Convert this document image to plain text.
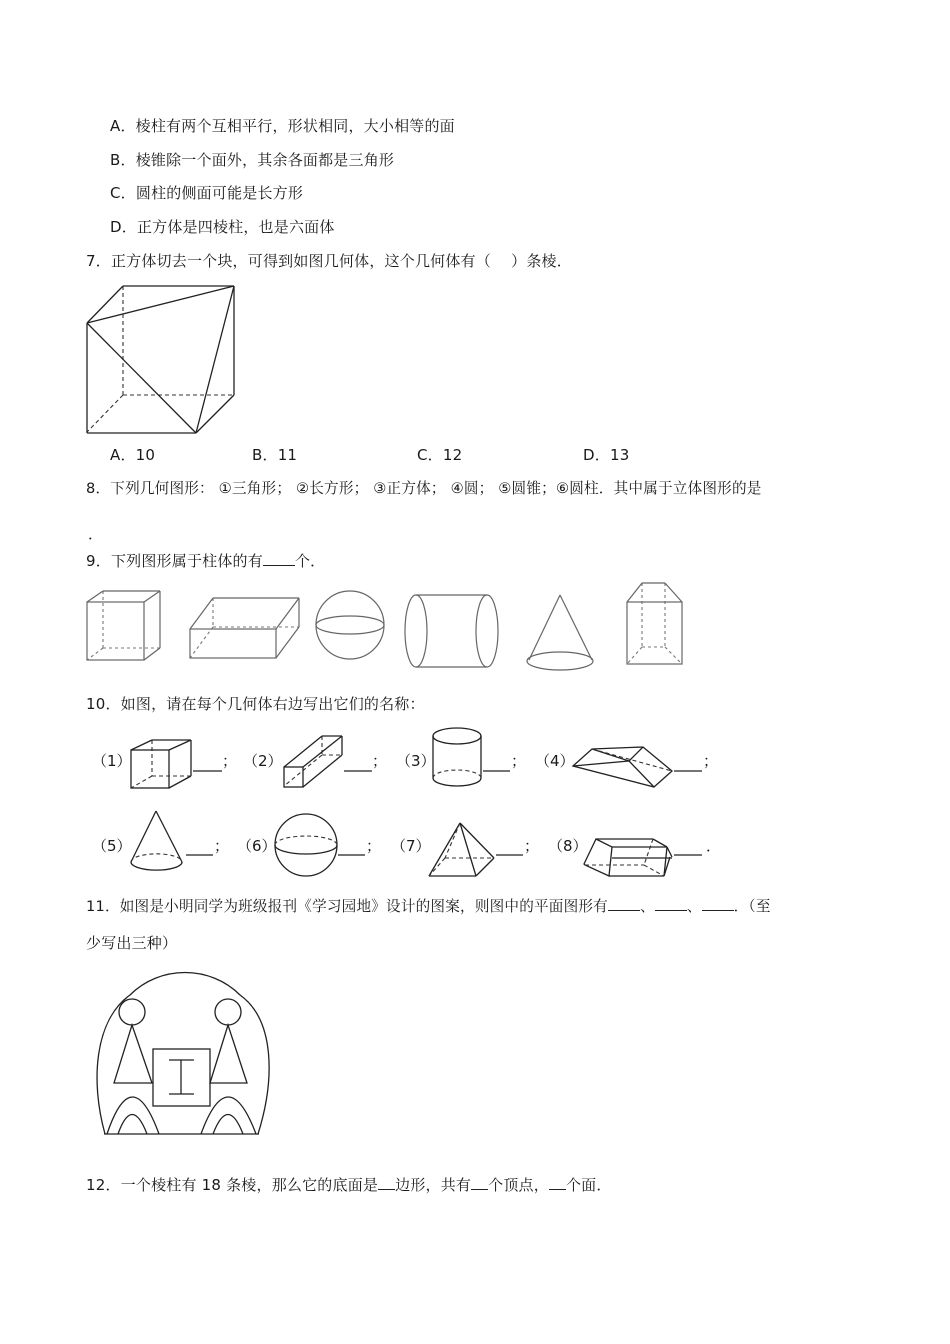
A．棱柱有两个互相平行，形状相同，大小相等的面
B．棱锥除一个面外，其余各面都是三角形
C．圆柱的侧面可能是长方形
D．正方体是四棱柱，也是六面体
7．正方体切去一个块，可得到如图几何体，这个几何体有（　 ）条棱．
A．10	B．11	C．12	D．13
8．下列几何图形： ①三角形； ②长方形； ③正方体； ④圆； ⑤圆锥；⑥圆柱．其中属于立体图形的是
．
9．下列图形属于柱体的有 个．
10．如图，请在每个几何体右边写出它们的名称：
（1）	（2）	（3）	（4）
（5）	（6）	（7）	（8）
；	；	；	；
；	；	；	．
11．如图是小明同学为班级报刊《学习园地》设计的图案，则图中的平面图形有 、 、 ．（至
少写出三种）
12．一个棱柱有 18 条棱，那么它的底面是 边形，共有 个顶点， 个面．
